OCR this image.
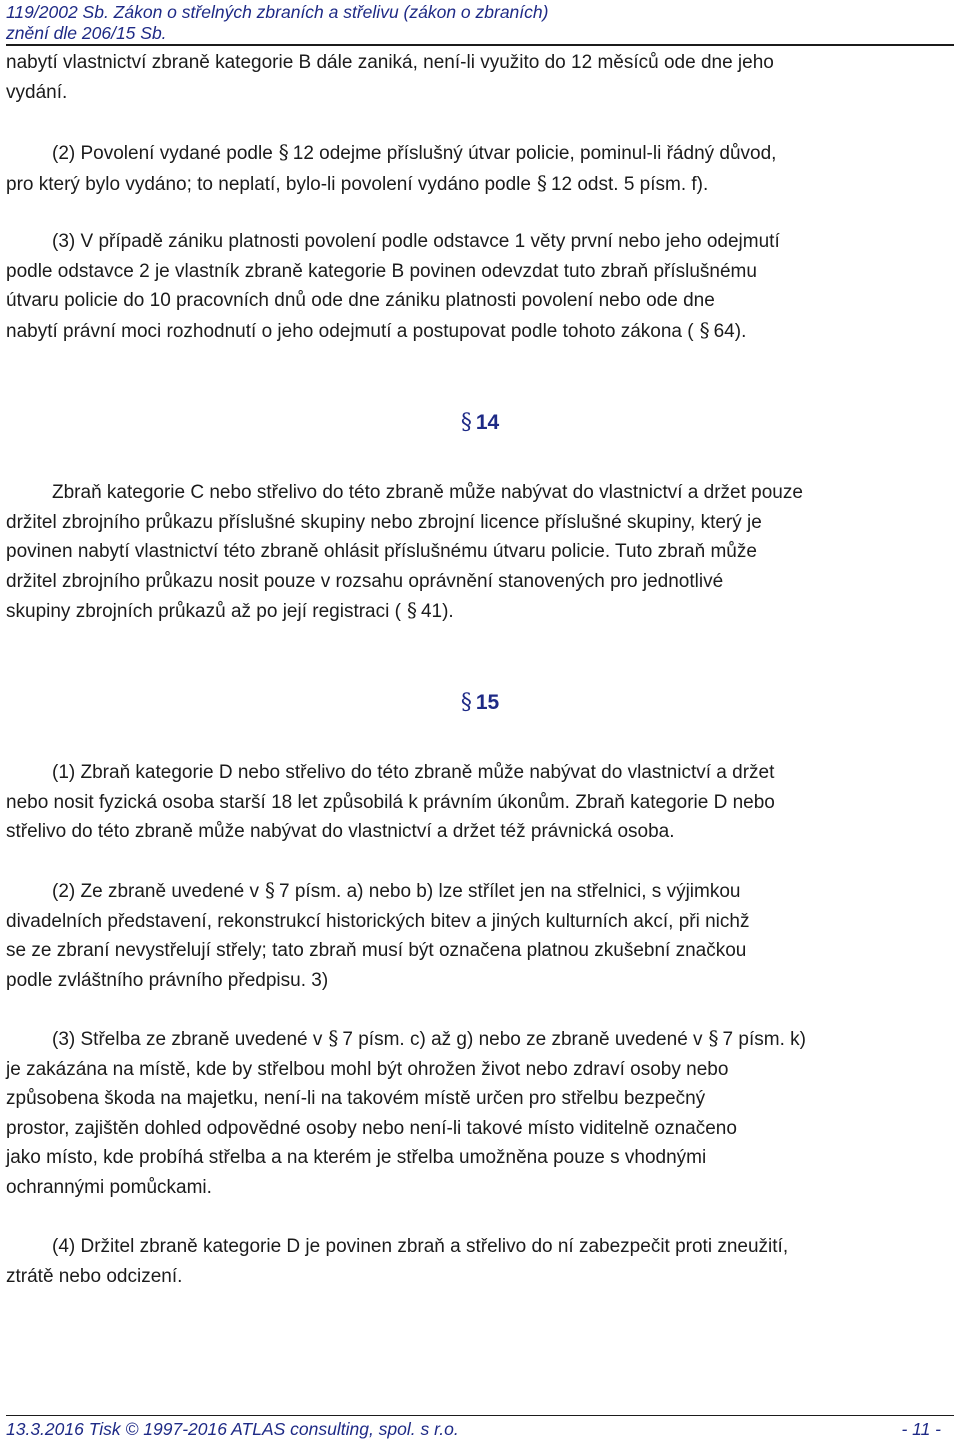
119/2002 Sb. Zákon o střelných zbraních a střelivu (zákon o zbraních)
znění dle 206/15 Sb.
nabytí vlastnictví zbraně kategorie B dále zaniká, není-li využito do 12 měsíců ode dne jeho
vydání.
(2) Povolení vydané podle § 12 odejme příslušný útvar policie, pominul-li řádný důvod,
pro který bylo vydáno; to neplatí, bylo-li povolení vydáno podle § 12 odst. 5 písm. f).
(3) V případě zániku platnosti povolení podle odstavce 1 věty první nebo jeho odejmutí
podle odstavce 2 je vlastník zbraně kategorie B povinen odevzdat tuto zbraň příslušnému
útvaru policie do 10 pracovních dnů ode dne zániku platnosti povolení nebo ode dne
nabytí právní moci rozhodnutí o jeho odejmutí a postupovat podle tohoto zákona ( § 64).
§ 14
Zbraň kategorie C nebo střelivo do této zbraně může nabývat do vlastnictví a držet pouze
držitel zbrojního průkazu příslušné skupiny nebo zbrojní licence příslušné skupiny, který je
povinen nabytí vlastnictví této zbraně ohlásit příslušnému útvaru policie. Tuto zbraň může
držitel zbrojního průkazu nosit pouze v rozsahu oprávnění stanovených pro jednotlivé
skupiny zbrojních průkazů až po její registraci ( § 41).
§ 15
(1) Zbraň kategorie D nebo střelivo do této zbraně může nabývat do vlastnictví a držet
nebo nosit fyzická osoba starší 18 let způsobilá k právním úkonům. Zbraň kategorie D nebo
střelivo do této zbraně může nabývat do vlastnictví a držet též právnická osoba.
(2) Ze zbraně uvedené v § 7 písm. a) nebo b) lze střílet jen na střelnici, s výjimkou
divadelních představení, rekonstrukcí historických bitev a jiných kulturních akcí, při nichž
se ze zbraní nevystřelují střely; tato zbraň musí být označena platnou zkušební značkou
podle zvláštního právního předpisu. 3)
(3) Střelba ze zbraně uvedené v § 7 písm. c) až g) nebo ze zbraně uvedené v § 7 písm. k)
je zakázána na místě, kde by střelbou mohl být ohrožen život nebo zdraví osoby nebo
způsobena škoda na majetku, není-li na takovém místě určen pro střelbu bezpečný
prostor, zajištěn dohled odpovědné osoby nebo není-li takové místo viditelně označeno
jako místo, kde probíhá střelba a na kterém je střelba umožněna pouze s vhodnými
ochrannými pomůckami.
(4) Držitel zbraně kategorie D je povinen zbraň a střelivo do ní zabezpečit proti zneužití,
ztrátě nebo odcizení.
13.3.2016 Tisk © 1997-2016 ATLAS consulting, spol. s r.o.	- 11 -
